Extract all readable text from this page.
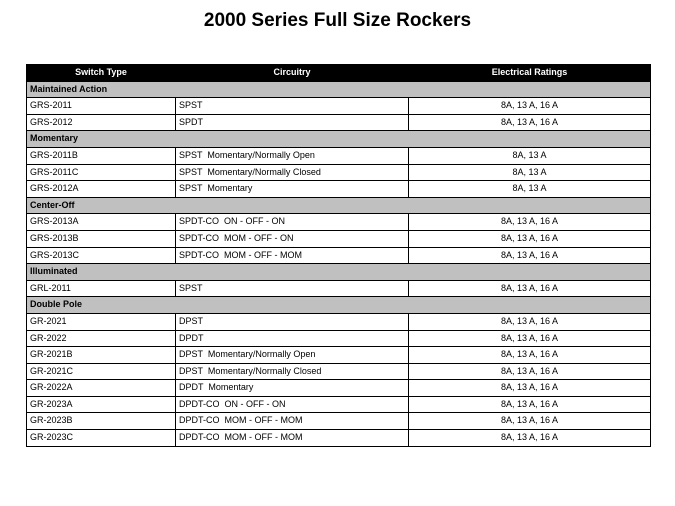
2000 Series Full Size Rockers
Switch Type	Circuitry	Electrical Ratings
Maintained Action		
GRS-2011	SPST	8A, 13 A, 16 A
GRS-2012	SPDT	8A, 13 A, 16 A
Momentary		
GRS-2011B	SPST  Momentary/Normally Open	8A, 13 A
GRS-2011C	SPST  Momentary/Normally Closed	8A, 13 A
GRS-2012A	SPST  Momentary	8A, 13 A
Center-Off		
GRS-2013A	SPDT-CO  ON - OFF - ON	8A, 13 A, 16 A
GRS-2013B	SPDT-CO  MOM - OFF - ON	8A, 13 A, 16 A
GRS-2013C	SPDT-CO  MOM - OFF - MOM	8A, 13 A, 16 A
Illuminated		
GRL-2011	SPST	8A, 13 A, 16 A
Double Pole		
GR-2021	DPST	8A, 13 A, 16 A
GR-2022	DPDT	8A, 13 A, 16 A
GR-2021B	DPST  Momentary/Normally Open	8A, 13 A, 16 A
GR-2021C	DPST  Momentary/Normally Closed	8A, 13 A, 16 A
GR-2022A	DPDT  Momentary	8A, 13 A, 16 A
GR-2023A	DPDT-CO  ON - OFF - ON	8A, 13 A, 16 A
GR-2023B	DPDT-CO  MOM - OFF - MOM	8A, 13 A, 16 A
GR-2023C	DPDT-CO  MOM - OFF - MOM	8A, 13 A, 16 A
